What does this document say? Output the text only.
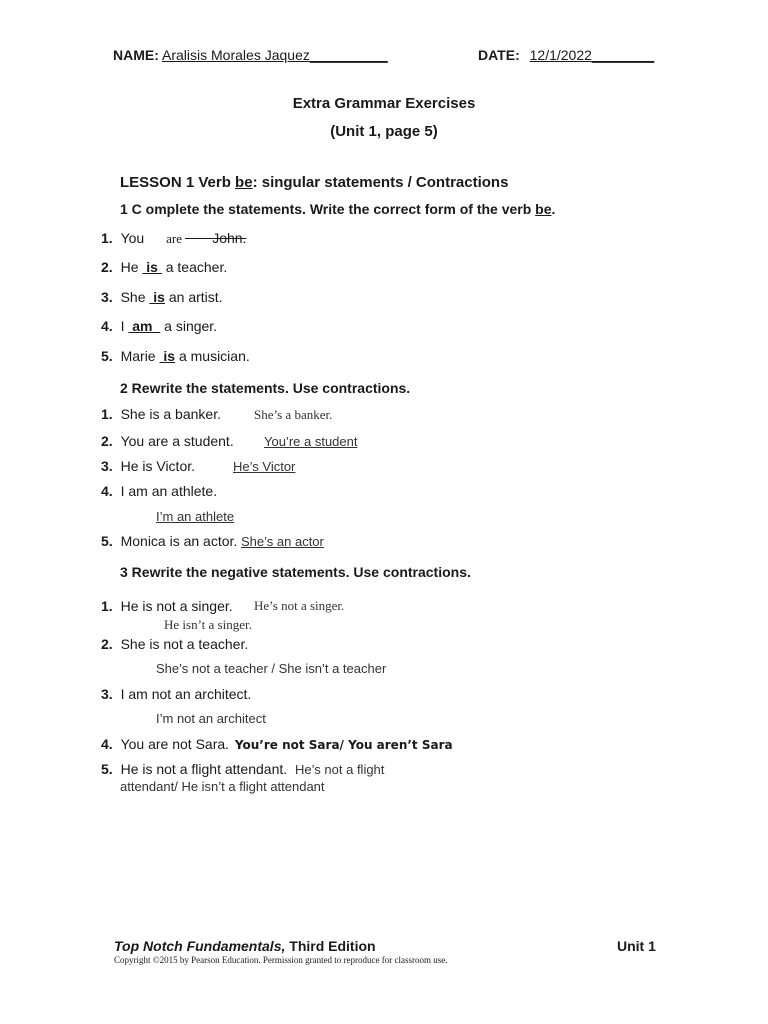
NAME: Aralisis Morales Jaquez__________	DATE: 12/1/2022________
Extra Grammar Exercises
(Unit 1, page 5)
LESSON 1 Verb be: singular statements / Contractions
1 C omplete the statements. Write the correct form of the verb be.
1. You are John.
2. He  is  a teacher.
3. She  is an artist.
4. I  am   a singer.
5. Marie  is a musician.
2 Rewrite the statements. Use contractions.
1. She is a banker.	She’s a banker.
2. You are a student. You’re a student
3. He is Victor.	He’s Victor
4. I am an athlete.
I’m an athlete
5. Monica is an actor. She’s an actor
3 Rewrite the negative statements. Use contractions.
1. He is not a singer. He’s not a singer.
He isn’t a singer.
2. She is not a teacher.
She’s not a teacher / She isn’t a teacher
3. I am not an architect.
I’m not an architect
4. You are not Sara. You’re not Sara/ You aren’t Sara
5. He is not a flight attendant. He’s not a flight
attendant/ He isn’t a flight attendant
Top Notch Fundamentals, Third Edition	Unit 1
Copyright ©2015 by Pearson Education. Permission granted to reproduce for classroom use.
